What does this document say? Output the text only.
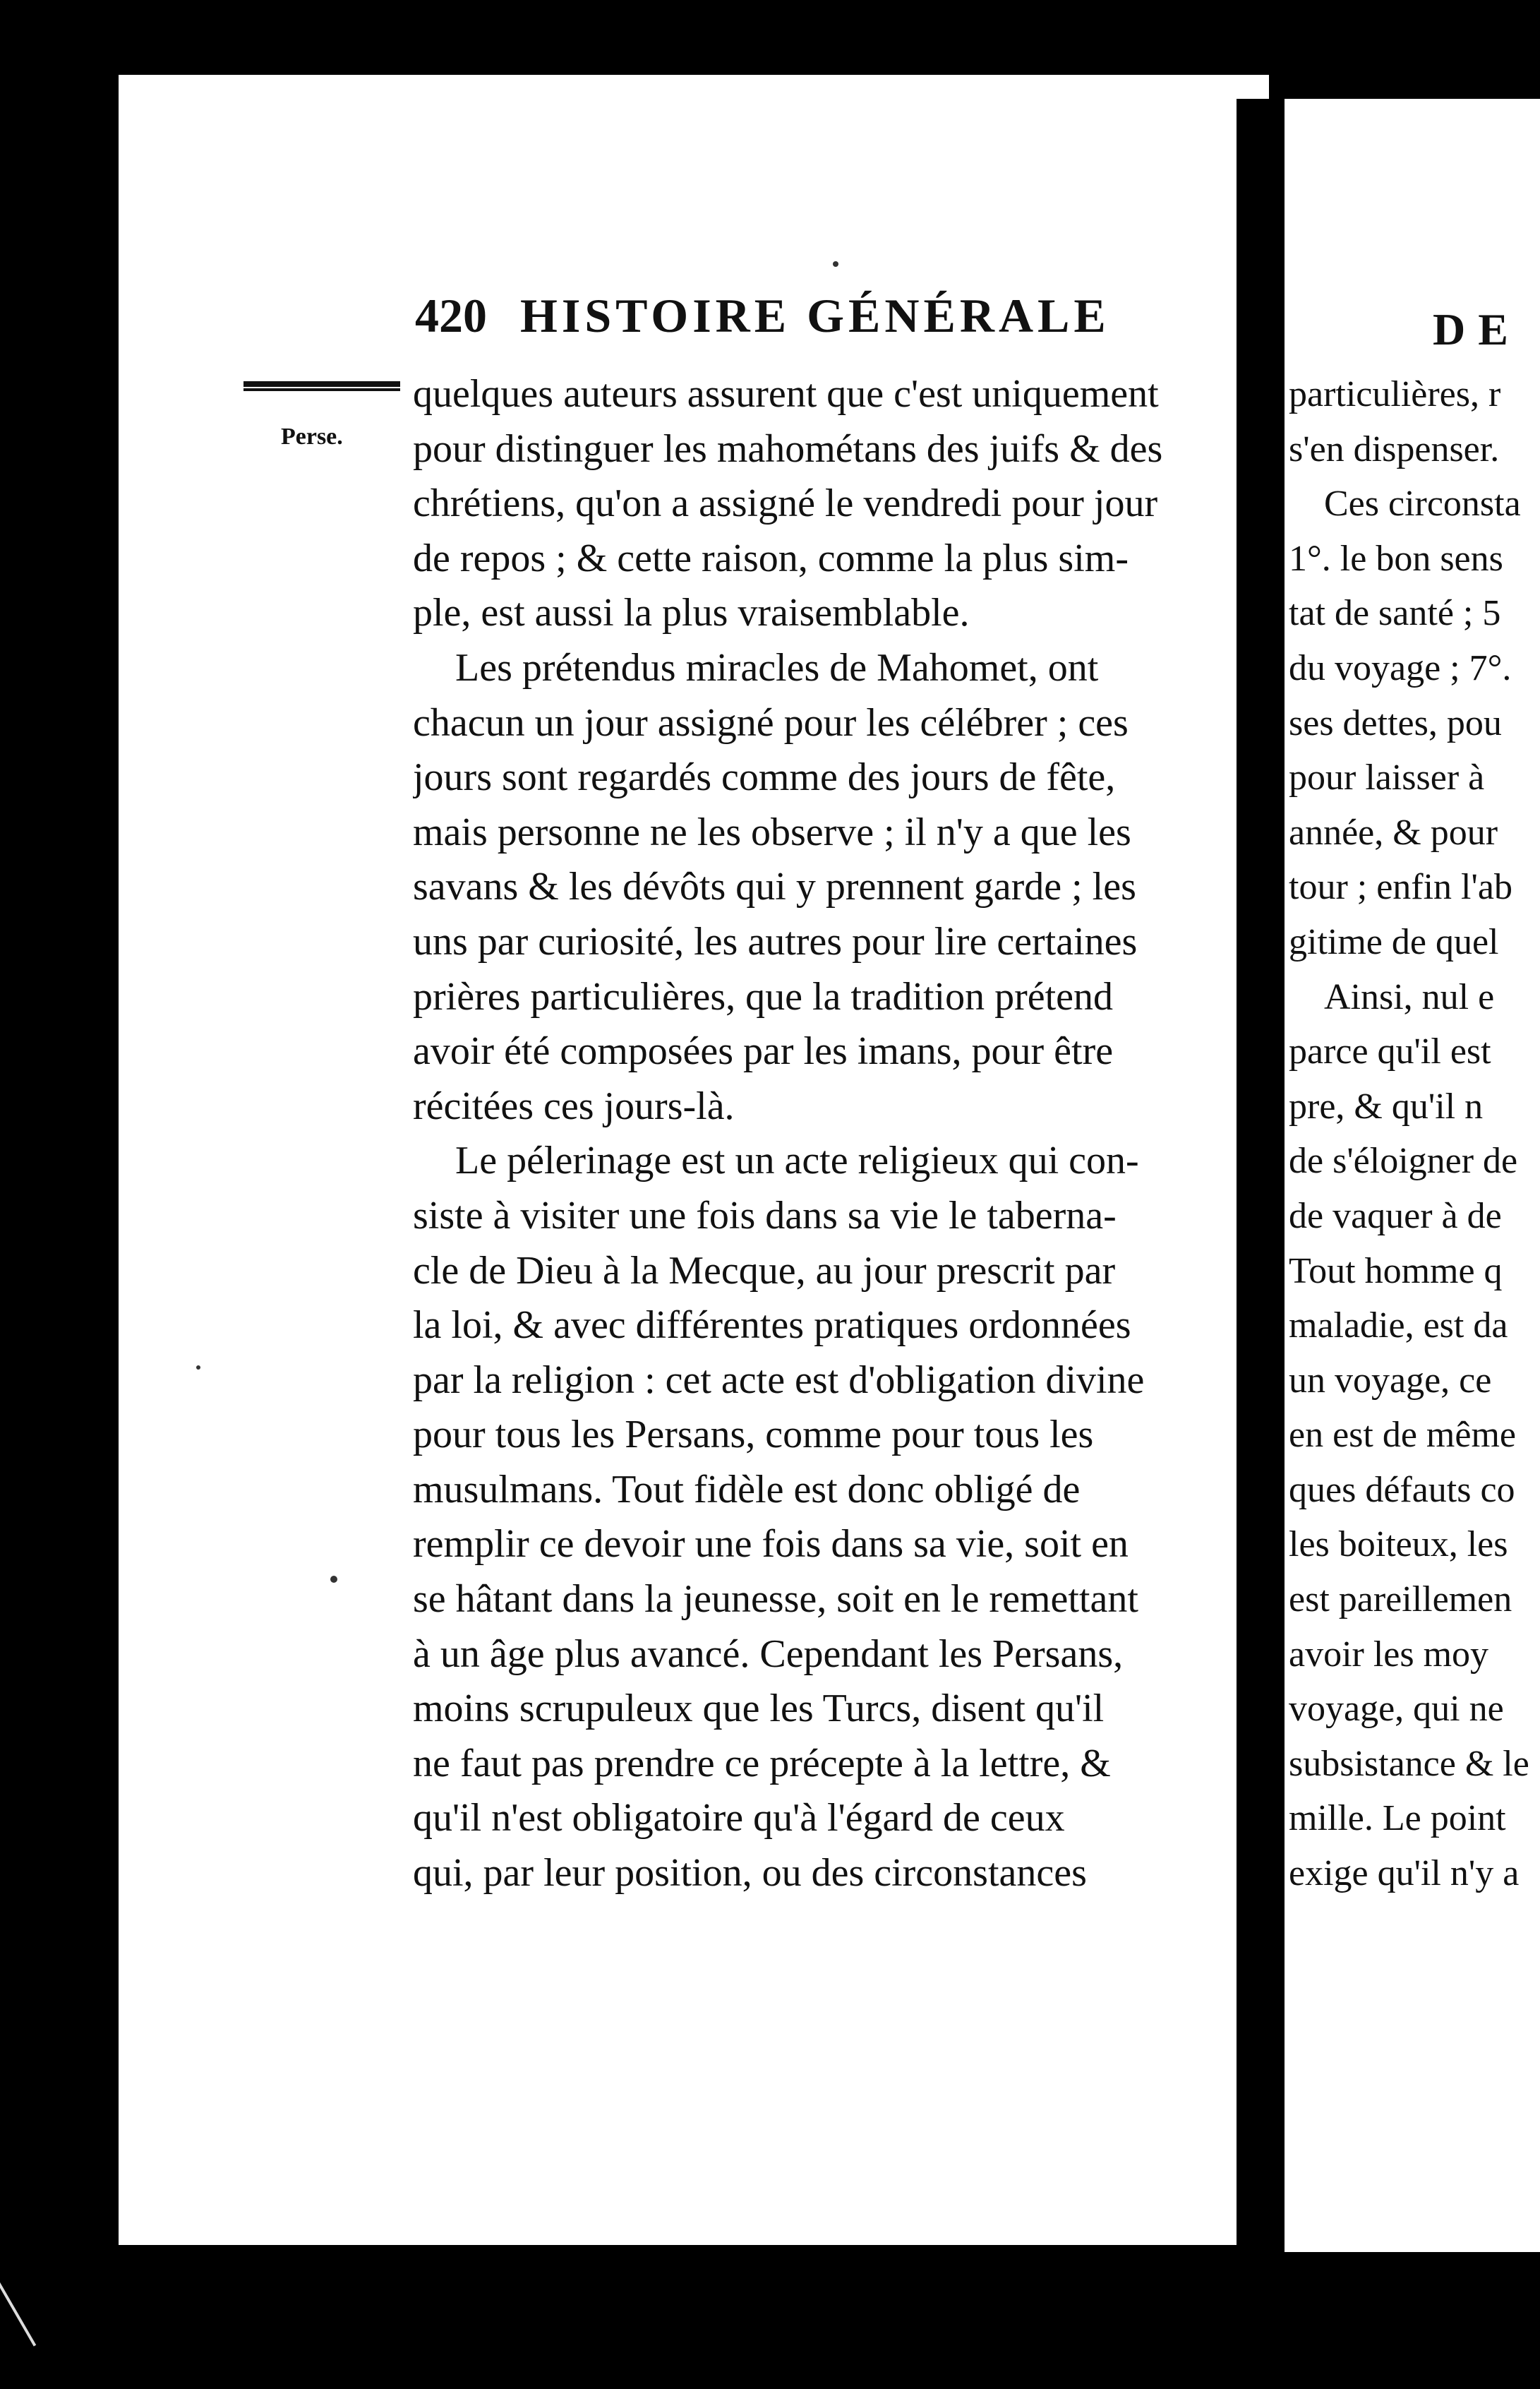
420 HISTOIRE GÉNÉRALE
Perse.
quelques auteurs assurent que c'est uniquement
pour distinguer les mahométans des juifs & des
chrétiens, qu'on a assigné le vendredi pour jour
de repos ; & cette raison, comme la plus sim-
ple, est aussi la plus vraisemblable.
Les prétendus miracles de Mahomet, ont
chacun un jour assigné pour les célébrer ; ces
jours sont regardés comme des jours de fête,
mais personne ne les observe ; il n'y a que les
savans & les dévôts qui y prennent garde ; les
uns par curiosité, les autres pour lire certaines
prières particulières, que la tradition prétend
avoir été composées par les imans, pour être
récitées ces jours-là.
Le pélerinage est un acte religieux qui con-
siste à visiter une fois dans sa vie le taberna-
cle de Dieu à la Mecque, au jour prescrit par
la loi, & avec différentes pratiques ordonnées
par la religion : cet acte est d'obligation divine
pour tous les Persans, comme pour tous les
musulmans. Tout fidèle est donc obligé de
remplir ce devoir une fois dans sa vie, soit en
se hâtant dans la jeunesse, soit en le remettant
à un âge plus avancé. Cependant les Persans,
moins scrupuleux que les Turcs, disent qu'il
ne faut pas prendre ce précepte à la lettre, &
qu'il n'est obligatoire qu'à l'égard de ceux
qui, par leur position, ou des circonstances
DE
particulières, r
s'en dispenser.
Ces circonsta
1°. le bon sens
tat de santé ; 5
du voyage ; 7°.
ses dettes, pou
pour laisser à
année, & pour
tour ; enfin l'ab
gitime de quel
Ainsi, nul e
parce qu'il est
pre, & qu'il n
de s'éloigner de
de vaquer à de
Tout homme q
maladie, est da
un voyage, ce
en est de même
ques défauts co
les boiteux, les
est pareillemen
avoir les moy
voyage, qui ne
subsistance & le
mille. Le point
exige qu'il n'y a
